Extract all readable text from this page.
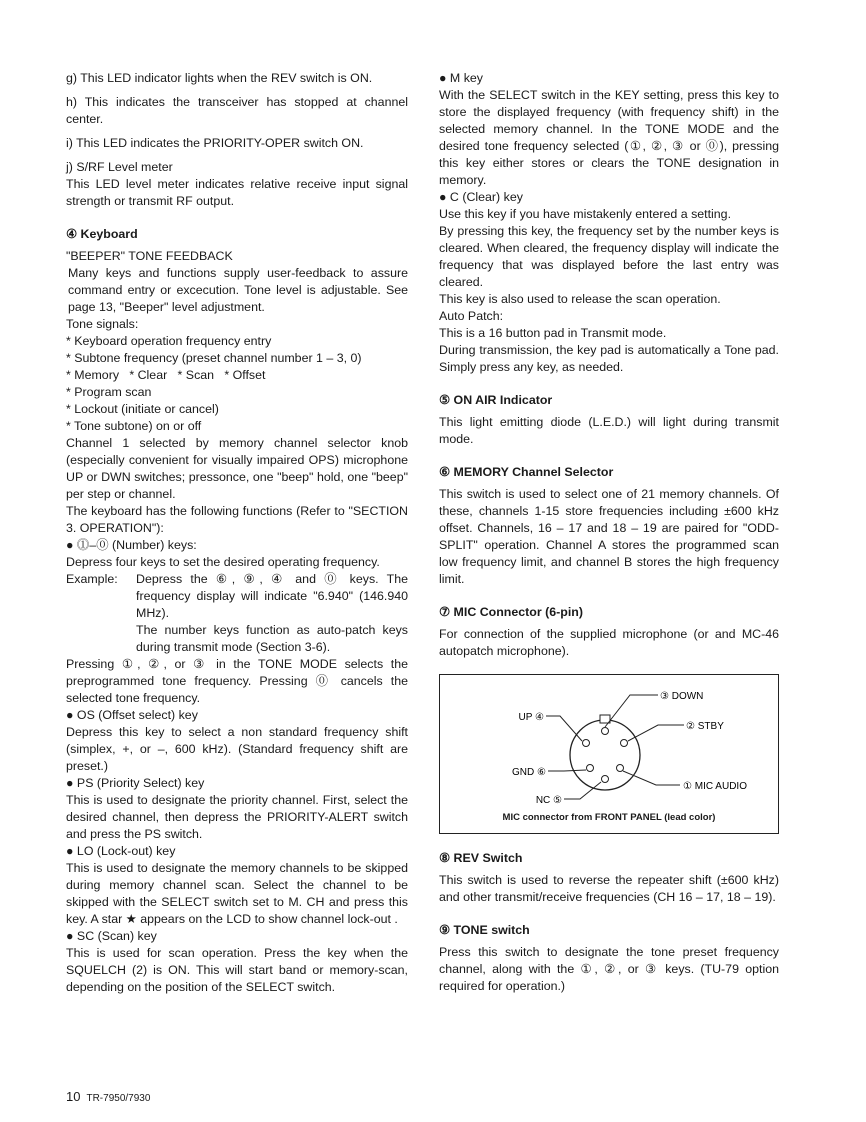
g) This LED indicator lights when the REV switch is ON.

h) This indicates the transceiver has stopped at channel center.

i) This LED indicates the PRIORITY-OPER switch ON.

j) S/RF Level meter

This LED level meter indicates relative receive input signal strength or transmit RF output.

④ Keyboard

"BEEPER" TONE FEEDBACK

Many keys and functions supply user-feedback to assure command entry or excecution. Tone level is adjustable. See page 13, "Beeper" level adjustment.

Tone signals:

* Keyboard operation frequency entry

* Subtone frequency (preset channel number 1 – 3, 0)

* Memory   * Clear   * Scan   * Offset

* Program scan

* Lockout (initiate or cancel)

* Tone subtone) on or off

Channel 1 selected by memory channel selector knob (especially convenient for visually impaired OPS) microphone UP or DWN switches; pressonce, one "beep" hold, one "beep" per step or channel.

The keyboard has the following functions (Refer to "SECTION 3. OPERATION"):

● ⓵–⓪ (Number) keys:

Depress four keys to set the desired operating frequency.

Example:	Depress the ⑥, ⑨, ④ and ⓪ keys. The frequency display will indicate "6.940" (146.940 MHz).

The number keys function as auto-patch keys during transmit mode (Section 3-6).

Pressing ①, ②, or ③ in the TONE MODE selects the preprogrammed tone frequency. Pressing ⓪ cancels the selected tone frequency.

● OS (Offset select) key

Depress this key to select a non standard frequency shift (simplex, +, or –, 600 kHz). (Standard frequency shift are preset.)

● PS (Priority Select) key

This is used to designate the priority channel. First, select the desired channel, then depress the PRIORITY-ALERT switch and press the PS switch.

● LO (Lock-out) key

This is used to designate the memory channels to be skipped during memory channel scan. Select the channel to be skipped with the SELECT switch set to M. CH and press this key. A star ★ appears on the LCD to show channel lock-out .

● SC (Scan) key

This is used for scan operation. Press the key when the SQUELCH (2) is ON. This will start band or memory-scan, depending on the position of the SELECT switch.

● M key

With the SELECT switch in the KEY setting, press this key to store the displayed frequency (with frequency shift) in the selected memory channel. In the TONE MODE and the desired tone frequency selected (①, ②, ③ or ⓪), pressing this key either stores or clears the TONE designation in memory.

● C (Clear) key

Use this key if you have mistakenly entered a setting.

By pressing this key, the frequency set by the number keys is cleared. When cleared, the frequency display will indicate the frequency that was displayed before the last entry was cleared.

This key is also used to release the scan operation.

Auto Patch:

This is a 16 button pad in Transmit mode.

During transmission, the key pad is automatically a Tone pad. Simply press any key, as needed.

⑤ ON AIR Indicator

This light emitting diode (L.E.D.) will light during transmit mode.

⑥ MEMORY Channel Selector

This switch is used to select one of 21 memory channels. Of these, channels 1-15 store frequencies including ±600 kHz offset. Channels, 16 – 17 and 18 – 19 are paired for "ODD-SPLIT" operation. Channel A stores the programmed scan low frequency limit, and channel B stores the high frequency limit.

⑦ MIC Connector (6-pin)

For connection of the supplied microphone (or and MC-46 autopatch microphone).

③ DOWN
② STBY
① MIC AUDIO
UP ④
GND ⑥
NC ⑤
MIC connector from FRONT PANEL (lead color)

⑧ REV Switch

This switch is used to reverse the repeater shift (±600 kHz) and other transmit/receive frequencies (CH 16 – 17, 18 – 19).

⑨ TONE switch

Press this switch to designate the tone preset frequency channel, along with the ①, ②, or ③ keys. (TU-79 option required for operation.)

10 TR-7950/7930
